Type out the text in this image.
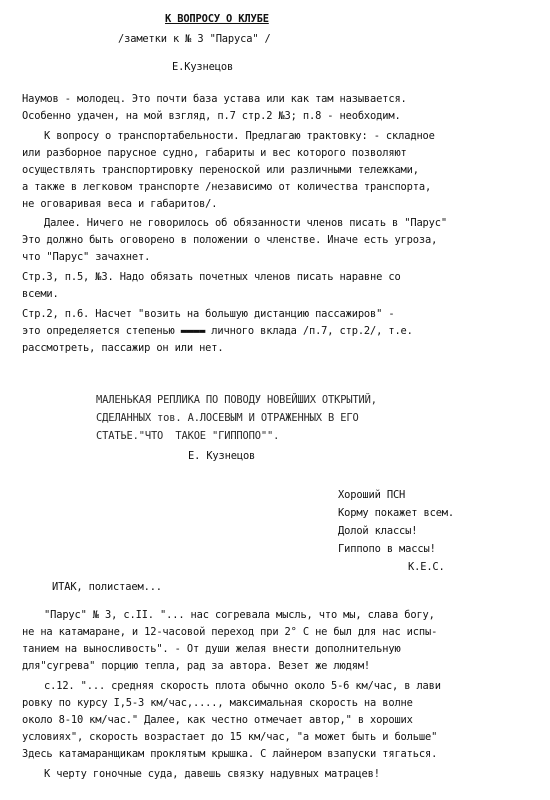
К ВОПРОСУ О КЛУБЕ
/заметки к № 3 "Паруса" /
Е.Кузнецов
Наумов - молодец. Это почти база устава или как там называется.
Особенно удачен, на мой взгляд, п.7 стр.2 №3; п.8 - необходим.
К вопросу о транспортабельности. Предлагаю трактовку: - складное
или разборное парусное судно, габариты и вес которого позволяют
осуществлять транспортировку переноской или различными тележками,
а также в легковом транспорте /независимо от количества транспорта,
не оговаривая веса и габаритов/.
Далее. Ничего не говорилось об обязанности членов писать в "Парус"
Это должно быть оговорено в положении о членстве. Иначе есть угроза,
что "Парус" зачахнет.
Стр.3, п.5, №3. Надо обязать почетных членов писать наравне со
всеми.
Стр.2, п.6. Насчет "возить на большую дистанцию пассажиров" -
это определяется степенью ▬▬▬▬ личного вклада /п.7, стр.2/, т.е.
рассмотреть, пассажир он или нет.
МАЛЕНЬКАЯ РЕПЛИКА ПО ПОВОДУ НОВЕЙШИХ ОТКРЫТИЙ,
СДЕЛАННЫХ тов. А.ЛОСЕВЫМ И ОТРАЖЕННЫХ В ЕГО
СТАТЬЕ."ЧТО  ТАКОЕ "ГИППОПО"".
Е. Кузнецов
Хороший ПСН
Корму покажет всем.
Долой классы!
Гиппопо в массы!
К.Е.С.
ИТАК, полистаем...
"Парус" № 3, с.II. "... нас согревала мысль, что мы, слава богу,
не на катамаране, и 12-часовой переход при 2° С не был для нас испы-
танием на выносливость". - От души желая внести дополнительную
для"сугрева" порцию тепла, рад за автора. Везет же людям!
с.12. "... средняя скорость плота обычно около 5-6 км/час, в лави
ровку по курсу I,5-3 км/час,...., максимальная скорость на волне
около 8-10 км/час." Далее, как честно отмечает автор," в хороших
условиях", скорость возрастает до 15 км/час, "а может быть и больше"
Здесь катамаранщикам проклятым крышка. С лайнером взапуски тягаться.
К черту гоночные суда, давешь связку надувных матрацев!
